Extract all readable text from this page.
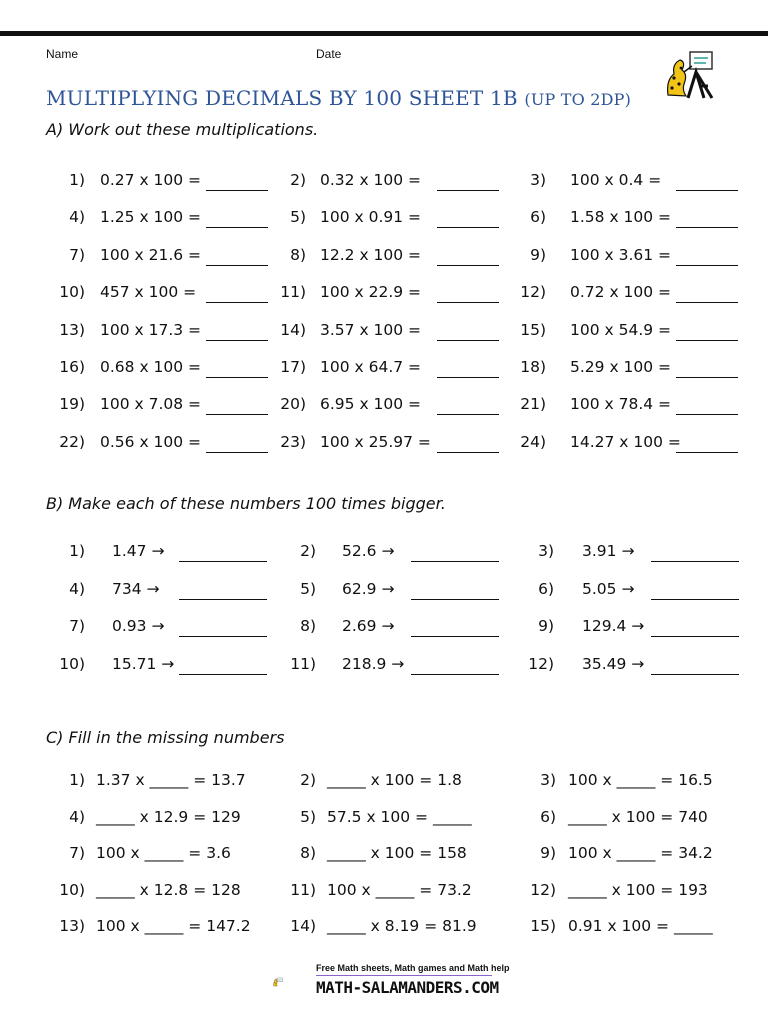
Name	Date
MULTIPLYING DECIMALS BY 100 SHEET 1B (UP TO 2DP)
A) Work out these multiplications.
1) 0.27 x 100 =	2) 0.32 x 100 =	3) 100 x 0.4 =
4) 1.25 x 100 =	5) 100 x 0.91 =	6) 1.58 x 100 =
7) 100 x 21.6 =	8) 12.2 x 100 =	9) 100 x 3.61 =
10) 457 x 100 =	11) 100 x 22.9 =	12) 0.72 x 100 =
13) 100 x 17.3 =	14) 3.57 x 100 =	15) 100 x 54.9 =
16) 0.68 x 100 =	17) 100 x 64.7 =	18) 5.29 x 100 =
19) 100 x 7.08 =	20) 6.95 x 100 =	21) 100 x 78.4 =
22) 0.56 x 100 =	23) 100 x 25.97 =	24) 14.27 x 100 =
B) Make each of these numbers 100 times bigger.
1) 1.47 →	2) 52.6 →	3) 3.91 →
4) 734 →	5) 62.9 →	6) 5.05 →
7) 0.93 →	8) 2.69 →	9) 129.4 →
10) 15.71 →	11) 218.9 →	12) 35.49 →
C) Fill in the missing numbers
1) 1.37 x _____ = 13.7	2) _____ x 100 = 1.8	3) 100 x _____ = 16.5
4) _____ x 12.9 = 129	5) 57.5 x 100 = _____	6) _____ x 100 = 740
7) 100 x _____ = 3.6	8) _____ x 100 = 158	9) 100 x _____ = 34.2
10) _____ x 12.8 = 128	11) 100 x _____ = 73.2	12) _____ x 100 = 193
13) 100 x _____ = 147.2	14) _____ x 8.19 = 81.9	15) 0.91 x 100 = _____
Free Math sheets, Math games and Math help
MATH-SALAMANDERS.COM
